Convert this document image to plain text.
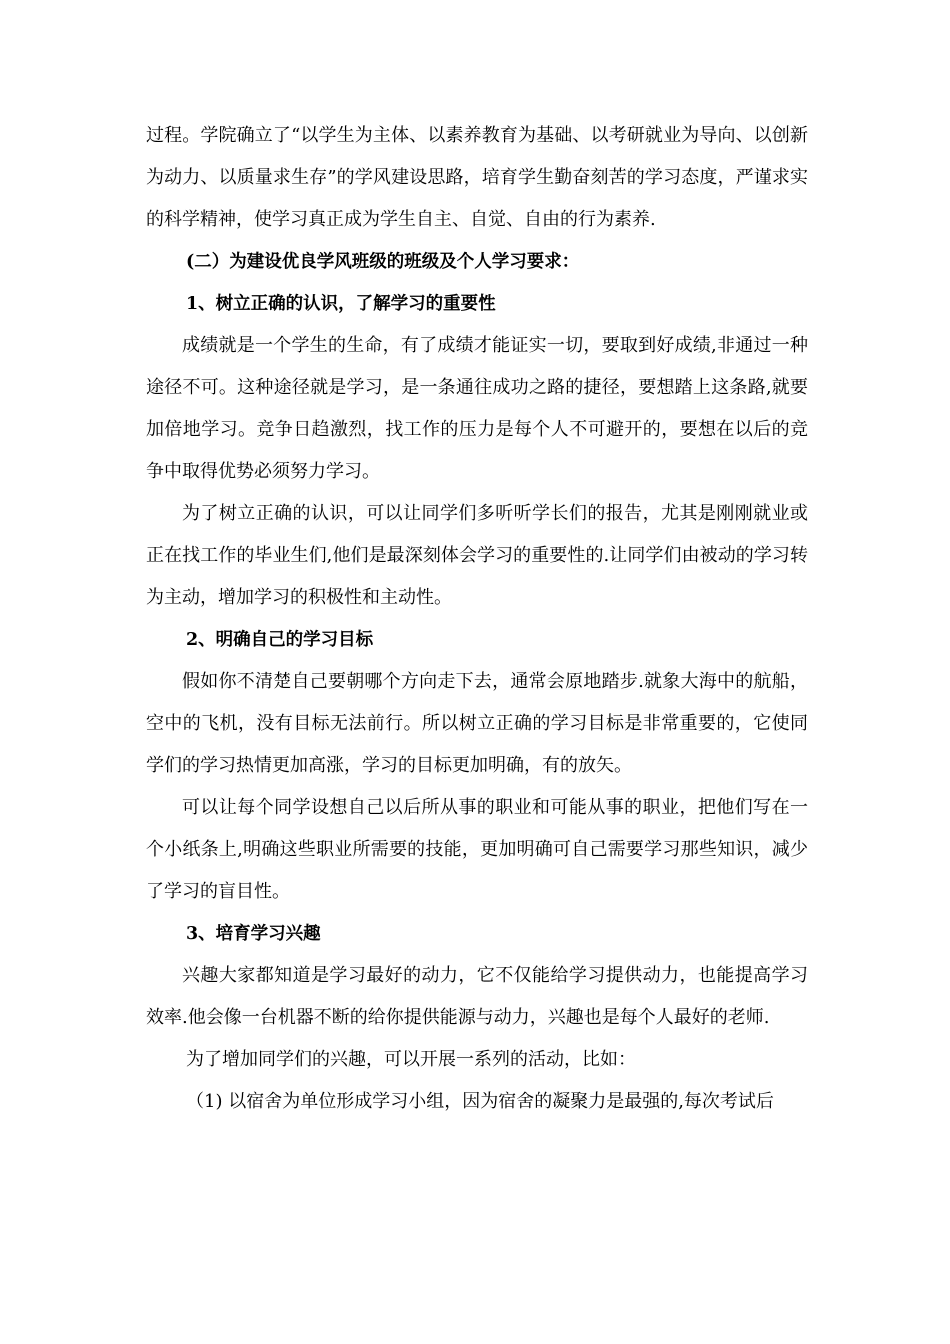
过程。学院确立了“以学生为主体、以素养教育为基础、以考研就业为导向、以创新为动力、以质量求生存”的学风建设思路，培育学生勤奋刻苦的学习态度，严谨求实的科学精神，使学习真正成为学生自主、自觉、自由的行为素养.

(二）为建设优良学风班级的班级及个人学习要求：

1、树立正确的认识，了解学习的重要性

成绩就是一个学生的生命，有了成绩才能证实一切，要取到好成绩,非通过一种途径不可。这种途径就是学习，是一条通往成功之路的捷径，要想踏上这条路,就要加倍地学习。竞争日趋激烈，找工作的压力是每个人不可避开的，要想在以后的竞争中取得优势必须努力学习。

为了树立正确的认识，可以让同学们多听听学长们的报告，尤其是刚刚就业或正在找工作的毕业生们,他们是最深刻体会学习的重要性的.让同学们由被动的学习转为主动，增加学习的积极性和主动性。

2、明确自己的学习目标

假如你不清楚自己要朝哪个方向走下去，通常会原地踏步.就象大海中的航船，空中的飞机，没有目标无法前行。所以树立正确的学习目标是非常重要的，它使同学们的学习热情更加高涨，学习的目标更加明确，有的放矢。

可以让每个同学设想自己以后所从事的职业和可能从事的职业，把他们写在一个小纸条上,明确这些职业所需要的技能，更加明确可自己需要学习那些知识，减少了学习的盲目性。

3、培育学习兴趣

兴趣大家都知道是学习最好的动力，它不仅能给学习提供动力，也能提高学习效率.他会像一台机器不断的给你提供能源与动力，兴趣也是每个人最好的老师.

为了增加同学们的兴趣，可以开展一系列的活动，比如：

（1) 以宿舍为单位形成学习小组，因为宿舍的凝聚力是最强的,每次考试后
